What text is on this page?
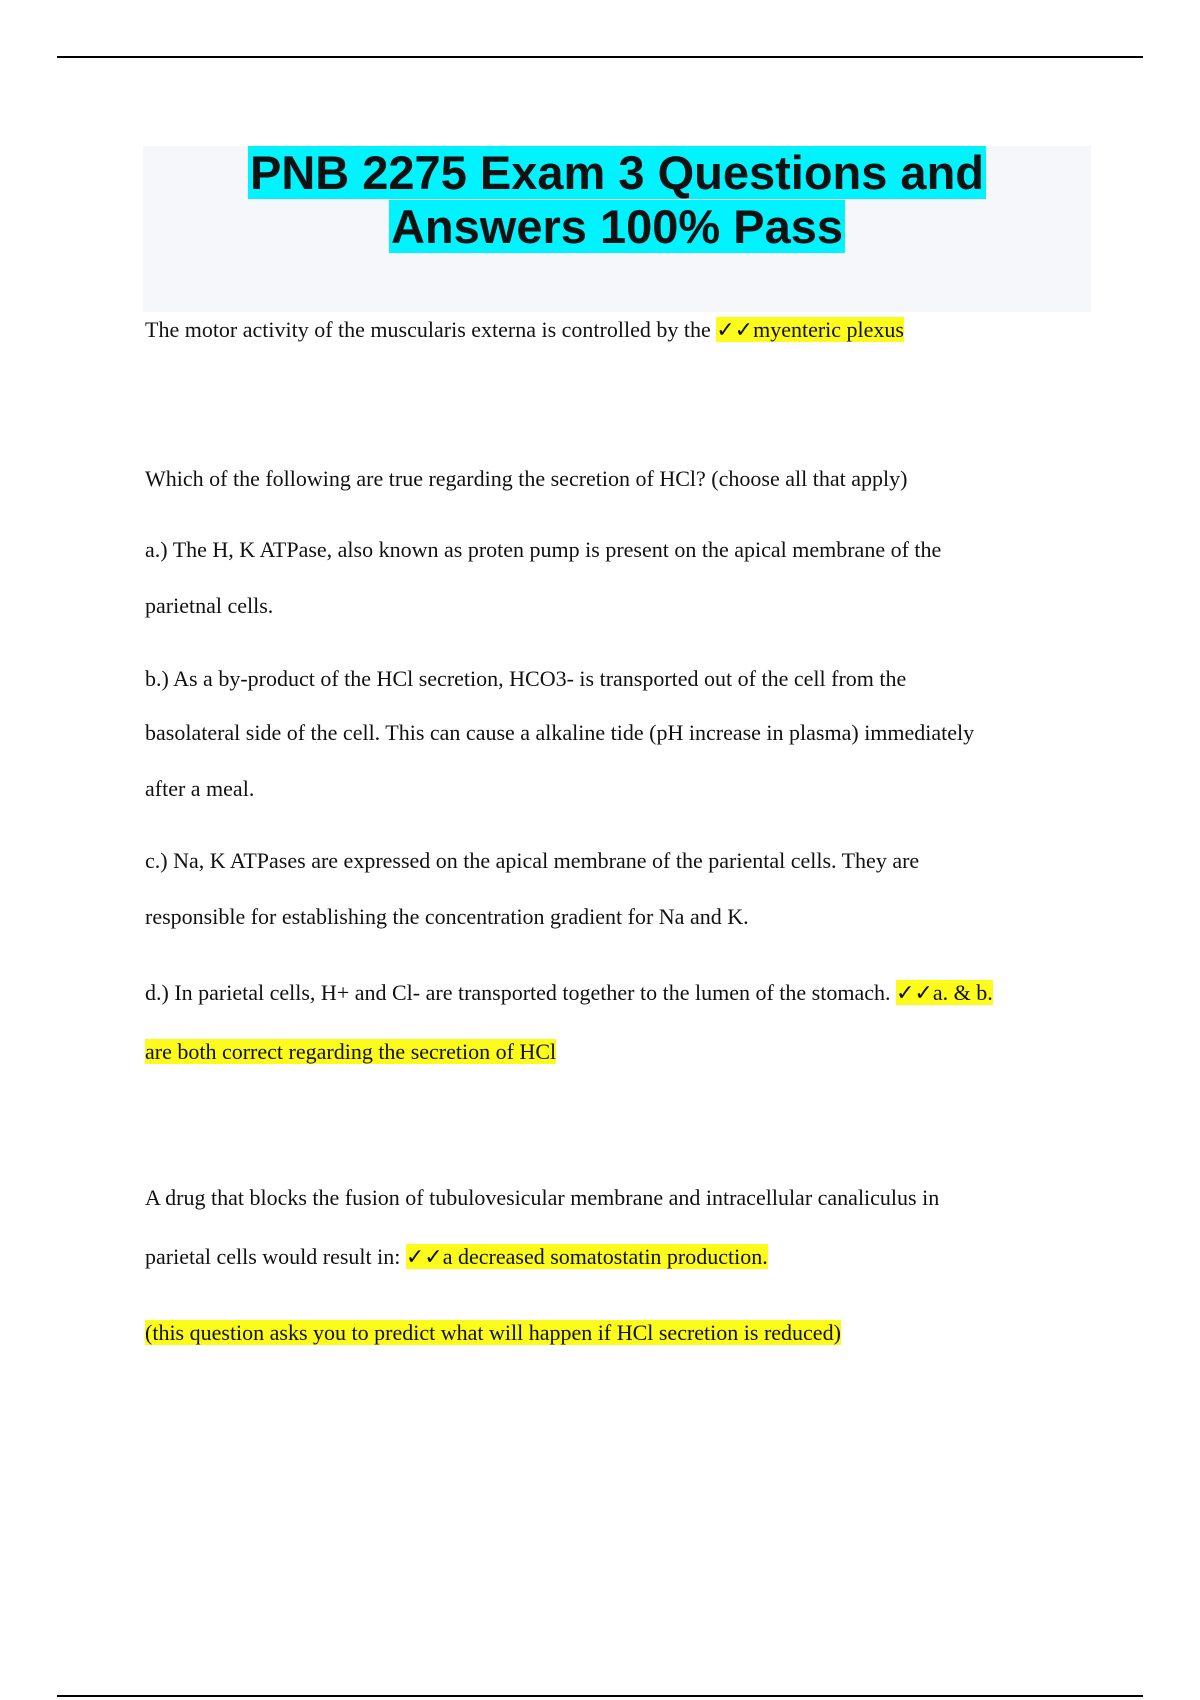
PNB 2275 Exam 3 Questions and
Answers 100% Pass

The motor activity of the muscularis externa is controlled by the ✓✓myenteric plexus

Which of the following are true regarding the secretion of HCl? (choose all that apply)

a.) The H, K ATPase, also known as proten pump is present on the apical membrane of the

parietnal cells.

b.) As a by-product of the HCl secretion, HCO3- is transported out of the cell from the

basolateral side of the cell. This can cause a alkaline tide (pH increase in plasma) immediately

after a meal.

c.) Na, K ATPases are expressed on the apical membrane of the pariental cells. They are

responsible for establishing the concentration gradient for Na and K.

d.) In parietal cells, H+ and Cl- are transported together to the lumen of the stomach. ✓✓a. & b.

are both correct regarding the secretion of HCl

A drug that blocks the fusion of tubulovesicular membrane and intracellular canaliculus in

parietal cells would result in: ✓✓a decreased somatostatin production.

(this question asks you to predict what will happen if HCl secretion is reduced)
